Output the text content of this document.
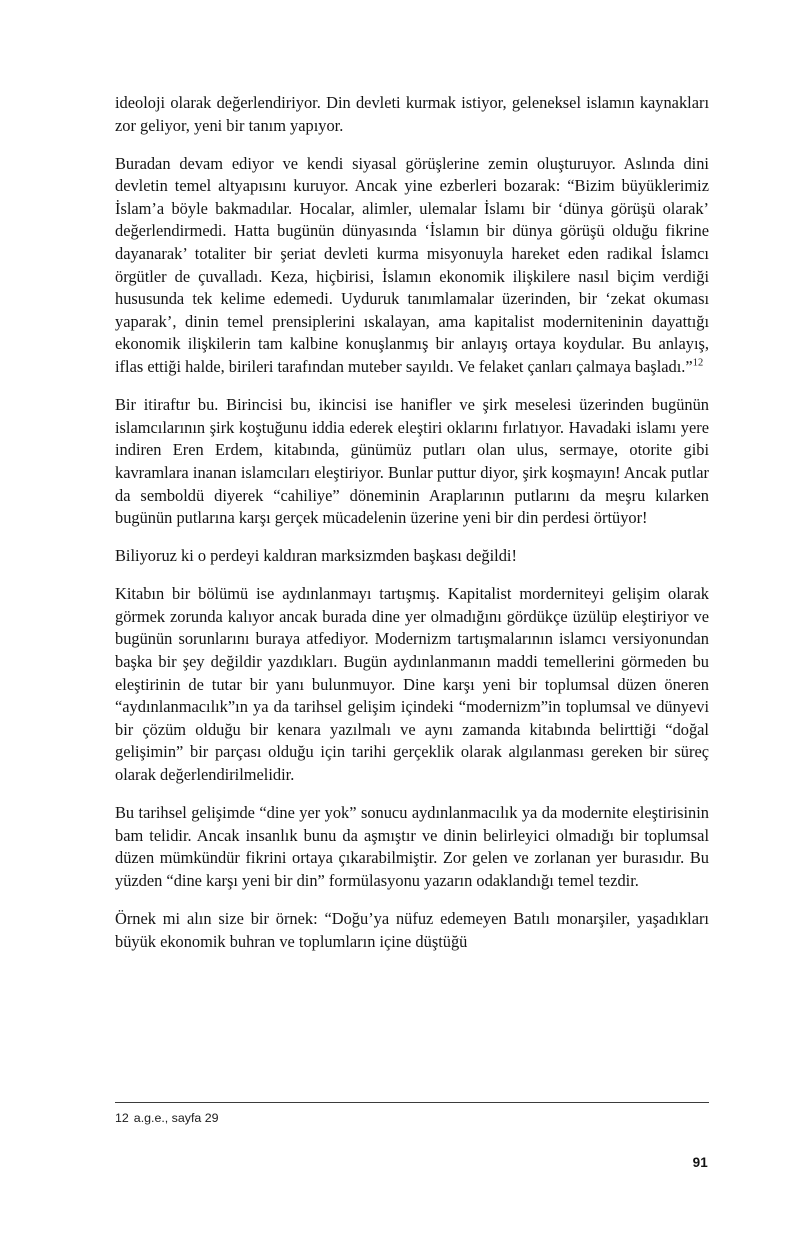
ideoloji olarak değerlendiriyor. Din devleti kurmak istiyor, geleneksel islamın kaynakları zor geliyor, yeni bir tanım yapıyor.

Buradan devam ediyor ve kendi siyasal görüşlerine zemin oluşturuyor. Aslında dini devletin temel altyapısını kuruyor. Ancak yine ezberleri bozarak: “Bizim büyüklerimiz İslam’a böyle bakmadılar. Hocalar, alimler, ulemalar İslamı bir ‘dünya görüşü olarak’ değerlendirmedi. Hatta bugünün dünyasında ‘İslamın bir dünya görüşü olduğu fikrine dayanarak’ totaliter bir şeriat devleti kurma misyonuyla hareket eden radikal İslamcı örgütler de çuvalladı. Keza, hiçbirisi, İslamın ekonomik ilişkilere nasıl biçim verdiği hususunda tek kelime edemedi. Uyduruk tanımlamalar üzerinden, bir ‘zekat okuması yaparak’, dinin temel prensiplerini ıskalayan, ama kapitalist moderniteninin dayattığı ekonomik ilişkilerin tam kalbine konuşlanmış bir anlayış ortaya koydular. Bu anlayış, iflas ettiği halde, birileri tarafından muteber sayıldı. Ve felaket çanları çalmaya başladı.”$^{12}$

Bir itiraftır bu. Birincisi bu, ikincisi ise hanifler ve şirk meselesi üzerinden bugünün islamcılarının şirk koştuğunu iddia ederek eleştiri oklarını fırlatıyor. Havadaki islamı yere indiren Eren Erdem, kitabında, günümüz putları olan ulus, sermaye, otorite gibi kavramlara inanan islamcıları eleştiriyor. Bunlar puttur diyor, şirk koşmayın! Ancak putlar da semboldü diyerek “cahiliye” döneminin Araplarının putlarını da meşru kılarken bugünün putlarına karşı gerçek mücadelenin üzerine yeni bir din perdesi örtüyor!

Biliyoruz ki o perdeyi kaldıran marksizmden başkası değildi!

Kitabın bir bölümü ise aydınlanmayı tartışmış. Kapitalist morderniteyi gelişim olarak görmek zorunda kalıyor ancak burada dine yer olmadığını gördükçe üzülüp eleştiriyor ve bugünün sorunlarını buraya atfediyor. Modernizm tartışmalarının islamcı versiyonundan başka bir şey değildir yazdıkları. Bugün aydınlanmanın maddi temellerini görmeden bu eleştirinin de tutar bir yanı bulunmuyor. Dine karşı yeni bir toplumsal düzen öneren “aydınlanmacılık”ın ya da tarihsel gelişim içindeki “modernizm”in toplumsal ve dünyevi bir çözüm olduğu bir kenara yazılmalı ve aynı zamanda kitabında belirttiği “doğal gelişimin” bir parçası olduğu için tarihi gerçeklik olarak algılanması gereken bir süreç olarak değerlendirilmelidir.

Bu tarihsel gelişimde “dine yer yok” sonucu aydınlanmacılık ya da modernite eleştirisinin bam telidir. Ancak insanlık bunu da aşmıştır ve dinin belirleyici olmadığı bir toplumsal düzen mümkündür fikrini ortaya çıkarabilmiştir. Zor gelen ve zorlanan yer burasıdır. Bu yüzden “dine karşı yeni bir din” formülasyonu yazarın odaklandığı temel tezdir.

Örnek mi alın size bir örnek: “Doğu’ya nüfuz edemeyen Batılı monarşiler, yaşadıkları büyük ekonomik buhran ve toplumların içine düştüğü

12 a.g.e., sayfa 29
91
